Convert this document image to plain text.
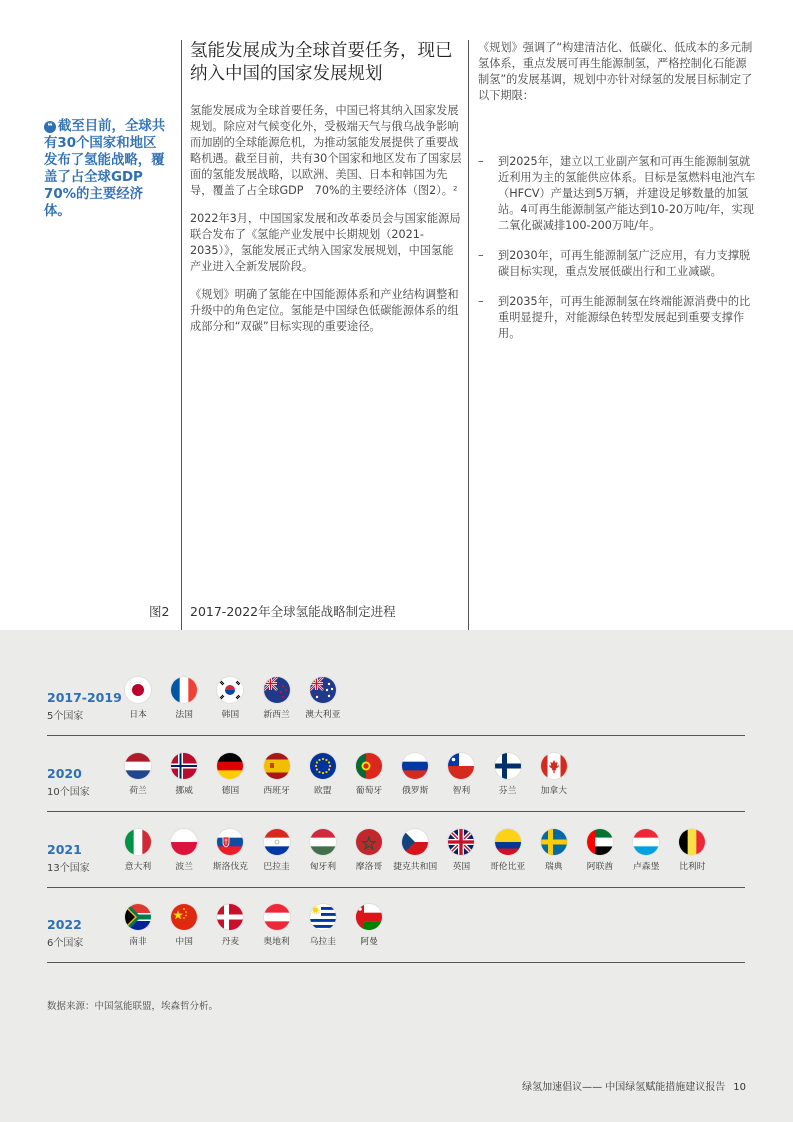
❝ 截至目前，全球共有30个国家和地区发布了氢能战略，覆盖了占全球GDP 70%的主要经济体。
氢能发展成为全球首要任务，现已纳入中国的国家发展规划

氢能发展成为全球首要任务，中国已将其纳入国家发展规划。除应对气候变化外，受极端天气与俄乌战争影响而加剧的全球能源危机，为推动氢能发展提供了重要战略机遇。截至目前，共有30个国家和地区发布了国家层面的氢能发展战略，以欧洲、美国、日本和韩国为先导，覆盖了占全球GDP　70%的主要经济体（图2）。²

2022年3月，中国国家发展和改革委员会与国家能源局联合发布了《氢能产业发展中长期规划（2021-2035）》，氢能发展正式纳入国家发展规划，中国氢能产业进入全新发展阶段。

《规划》明确了氢能在中国能源体系和产业结构调整和升级中的角色定位。氢能是中国绿色低碳能源体系的组成部分和“双碳”目标实现的重要途径。

《规划》强调了“构建清洁化、低碳化、低成本的多元制氢体系，重点发展可再生能源制氢，严格控制化石能源制氢”的发展基调，规划中亦针对绿氢的发展目标制定了以下期限：

– 到2025年，建立以工业副产氢和可再生能源制氢就近利用为主的氢能供应体系。目标是氢燃料电池汽车（HFCV）产量达到5万辆，并建设足够数量的加氢站。4可再生能源制氢产能达到10-20万吨/年，实现二氧化碳减排100-200万吨/年。
– 到2030年，可再生能源制氢广泛应用，有力支撑脱碳目标实现，重点发展低碳出行和工业减碳。
– 到2035年，可再生能源制氢在终端能源消费中的比重明显提升，对能源绿色转型发展起到重要支撑作用。
图2 2017-2022年全球氢能战略制定进程
2017-2019
5个国家	日本	法国	韩国	新西兰	澳大利亚
2020
10个国家	荷兰	挪威	德国	西班牙	欧盟	葡萄牙	俄罗斯	智利	芬兰	加拿大
2021
13个国家	意大利	波兰	斯洛伐克	巴拉圭	匈牙利	摩洛哥	捷克共和国	英国	哥伦比亚	瑞典	阿联酋	卢森堡	比利时
2022
6个国家	南非	中国	丹麦	奥地利	乌拉圭	阿曼
数据来源：中国氢能联盟，埃森哲分析。
绿氢加速倡议—— 中国绿氢赋能措施建议报告 10
